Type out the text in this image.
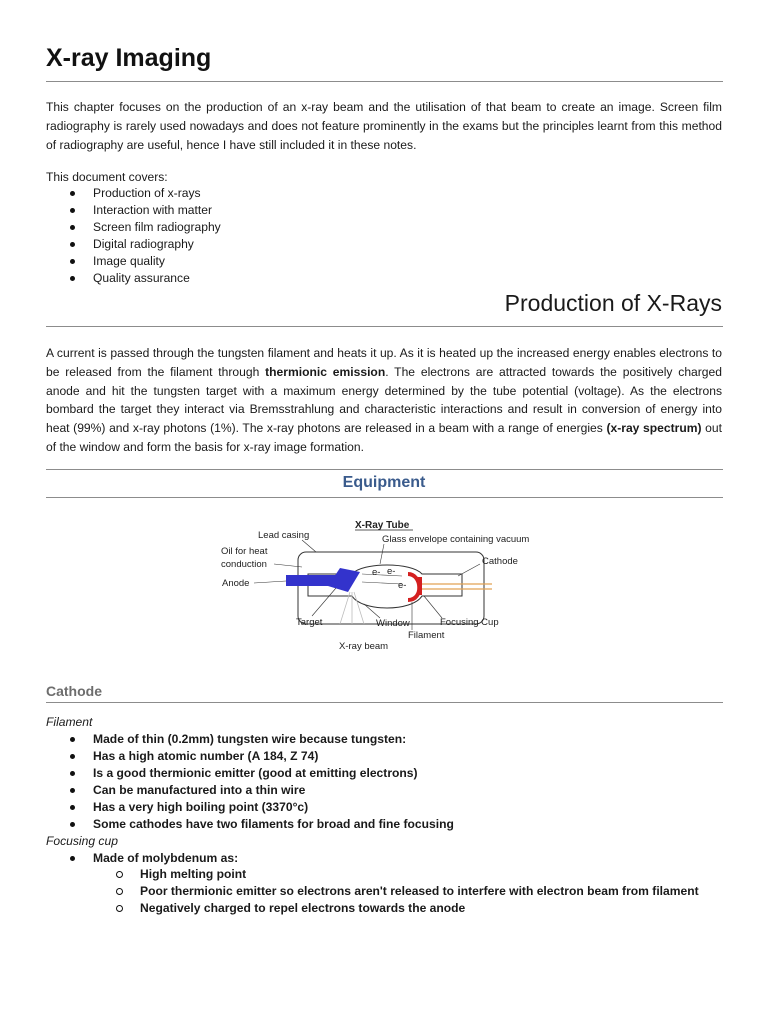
X-ray Imaging
This chapter focuses on the production of an x-ray beam and the utilisation of that beam to create an image. Screen film radiography is rarely used nowadays and does not feature prominently in the exams but the principles learnt from this method of radiography are useful, hence I have still included it in these notes.
This document covers:
Production of x-rays
Interaction with matter
Screen film radiography
Digital radiography
Image quality
Quality assurance
Production of X-Rays
A current is passed through the tungsten filament and heats it up. As it is heated up the increased energy enables electrons to be released from the filament through thermionic emission. The electrons are attracted towards the positively charged anode and hit the tungsten target with a maximum energy determined by the tube potential (voltage). As the electrons bombard the target they interact via Bremsstrahlung and characteristic interactions and result in conversion of energy into heat (99%) and x-ray photons (1%). The x-ray photons are released in a beam with a range of energies (x-ray spectrum) out of the window and form the basis for x-ray image formation.
Equipment
e- e-
e-
X-Ray Tube
Lead casing	Glass envelope containing vacuum
Oil for heat
conduction	Cathode
Anode
Target	Window	Focusing Cup
Filament
X-ray beam
Cathode
Filament
Made of thin (0.2mm) tungsten wire because tungsten:
Has a high atomic number (A 184, Z 74)
Is a good thermionic emitter (good at emitting electrons)
Can be manufactured into a thin wire
Has a very high boiling point (3370°c)
Some cathodes have two filaments for broad and fine focusing
Focusing cup
Made of molybdenum as:
High melting point
Poor thermionic emitter so electrons aren't released to interfere with electron beam from filament
Negatively charged to repel electrons towards the anode
